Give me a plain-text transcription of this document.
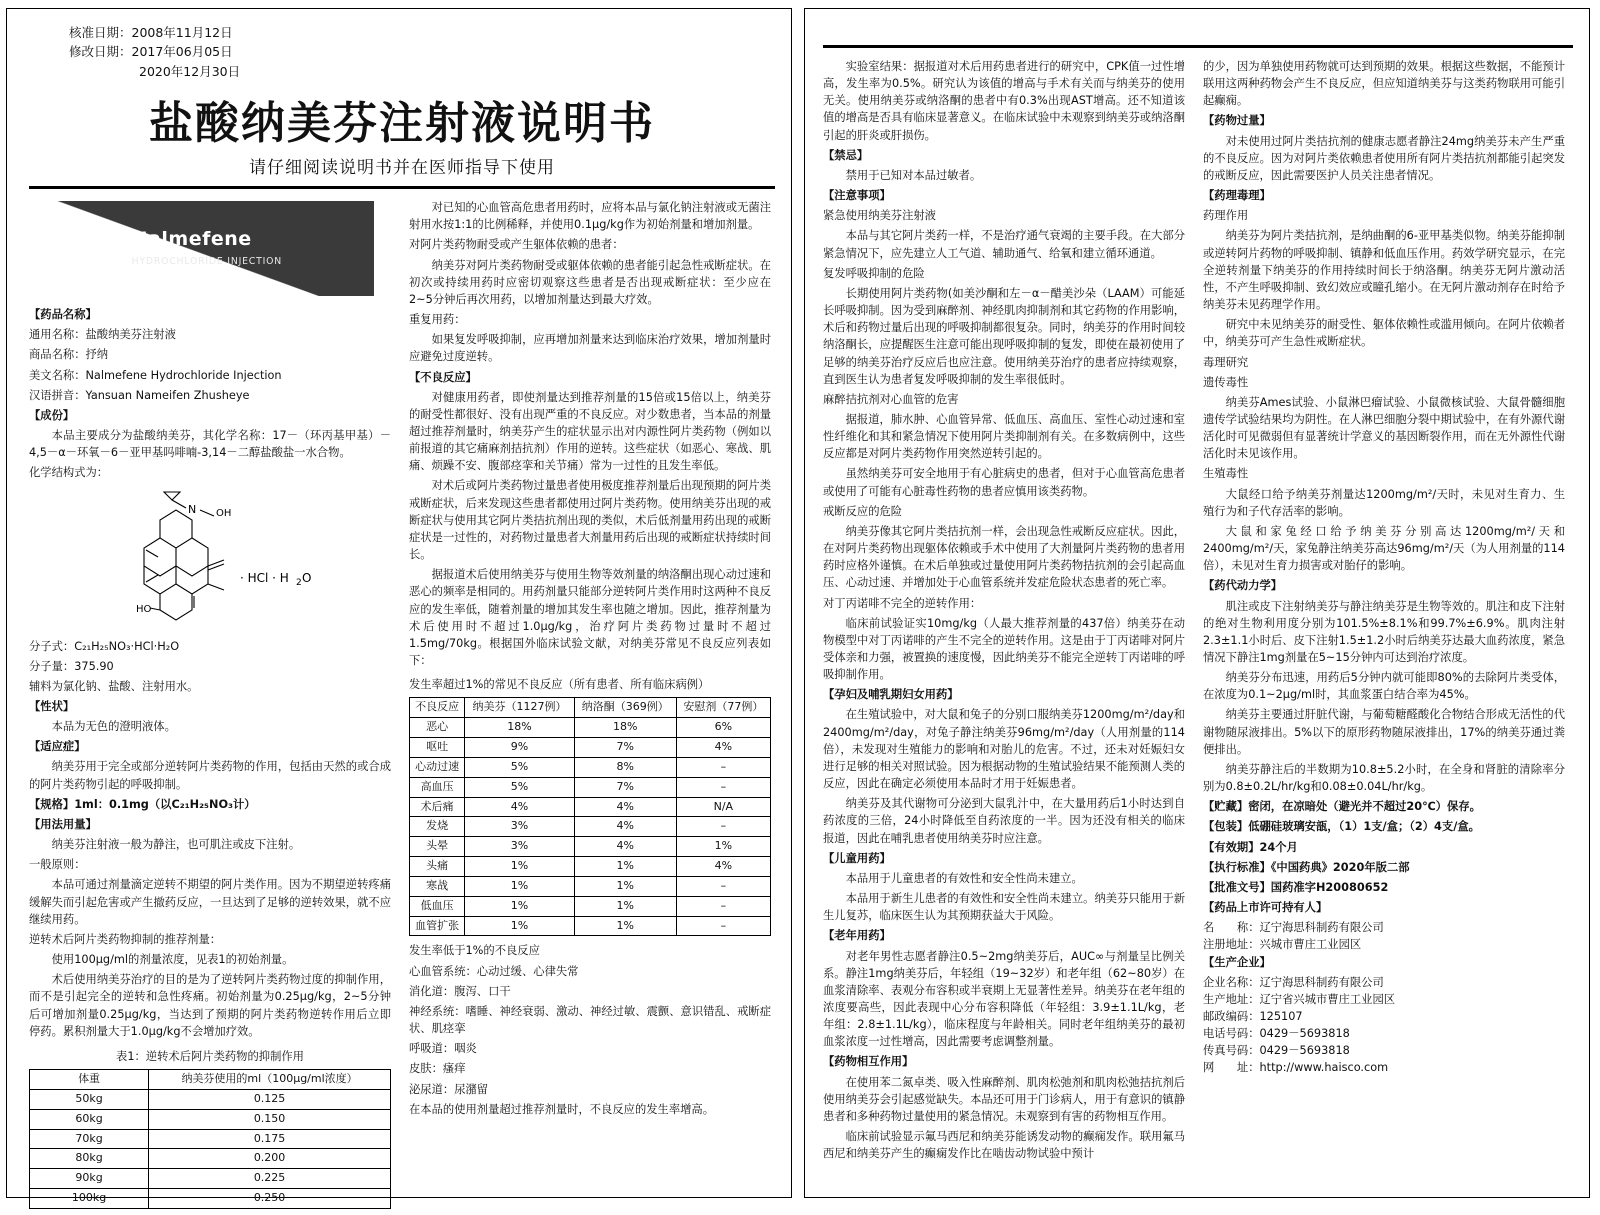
核准日期：2008年11月12日
修改日期：2017年06月05日
2020年12月30日
盐酸纳美芬注射液说明书
请仔细阅读说明书并在医师指导下使用
Nalmefene
HYDROCHLORIDE INJECTION

【药品名称】

通用名称：盐酸纳美芬注射液

商品名称：抒纳

美文名称：Nalmefene Hydrochloride Injection

汉语拼音：Yansuan Nameifen Zhusheye

【成份】

本品主要成分为盐酸纳美芬，其化学名称：17－（环丙基甲基）－4,5－α－环氧－6－亚甲基吗啡喃-3,14－二醇盐酸盐一水合物。

化学结构式为：

N OH
HO
· HCl · H 2 O

分子式：C₂₁H₂₅NO₃·HCl·H₂O

分子量：375.90

辅料为氯化钠、盐酸、注射用水。

【性状】

本品为无色的澄明液体。

【适应症】

纳美芬用于完全或部分逆转阿片类药物的作用，包括由天然的或合成的阿片类药物引起的呼吸抑制。

【规格】1ml：0.1mg（以C₂₁H₂₅NO₃计）

【用法用量】

纳美芬注射液一般为静注，也可肌注或皮下注射。

一般原则：

本品可通过剂量滴定逆转不期望的阿片类作用。因为不期望逆转疼痛缓解失而引起危害或产生撤药反应，一旦达到了足够的逆转效果，就不应继续用药。

逆转术后阿片类药物抑制的推荐剂量：

使用100μg/ml的剂量浓度，见表1的初始剂量。

术后使用纳美芬治疗的目的是为了逆转阿片类药物过度的抑制作用，而不是引起完全的逆转和急性疼痛。初始剂量为0.25μg/kg，2~5分钟后可增加剂量0.25μg/kg，当达到了预期的阿片类药物逆转作用后立即停药。累积剂量大于1.0μg/kg不会增加疗效。

表1：逆转术后阿片类药物的抑制作用
体重	纳美芬使用的ml（100μg/ml浓度）
50kg	0.125
60kg	0.150
70kg	0.175
80kg	0.200
90kg	0.225
100kg	0.250

对已知的心血管高危患者用药时，应将本品与氯化钠注射液或无菌注射用水按1:1的比例稀释，并使用0.1μg/kg作为初始剂量和增加剂量。

对阿片类药物耐受或产生躯体依赖的患者：

纳美芬对阿片类药物耐受或躯体依赖的患者能引起急性戒断症状。在初次或持续用药时应密切观察这些患者是否出现戒断症状：至少应在2~5分钟后再次用药，以增加剂量达到最大疗效。

重复用药：

如果复发呼吸抑制，应再增加剂量来达到临床治疗效果，增加剂量时应避免过度逆转。

【不良反应】

对健康用药者，即使剂量达到推荐剂量的15倍或15倍以上，纳美芬的耐受性都很好、没有出现严重的不良反应。对少数患者，当本品的剂量超过推荐剂量时，纳美芬产生的症状显示出对内源性阿片类药物（例如以前报道的其它痛麻剂拮抗剂）作用的逆转。这些症状（如恶心、寒战、肌痛、烦躁不安、腹部痉挛和关节痛）常为一过性的且发生率低。

对术后或阿片类药物过量患者使用极度推荐剂量后出现预期的阿片类戒断症状，后来发现这些患者都使用过阿片类药物。使用纳美芬出现的戒断症状与使用其它阿片类拮抗剂出现的类似，术后低剂量用药出现的戒断症状是一过性的，对药物过量患者大剂量用药后出现的戒断症状持续时间长。

据报道术后使用纳美芬与使用生物等效剂量的纳洛酮出现心动过速和恶心的频率是相同的。用药剂量只能部分逆转阿片类作用时这两种不良反应的发生率低，随着剂量的增加其发生率也随之增加。因此，推荐剂量为术后使用时不超过1.0μg/kg，治疗阿片类药物过量时不超过1.5mg/70kg。根据国外临床试验文献，对纳美芬常见不良反应列表如下：

发生率超过1%的常见不良反应（所有患者、所有临床病例）
不良反应	纳美芬（1127例）	纳洛酮（369例）	安慰剂（77例）
恶心	18%	18%	6%
呕吐	9%	7%	4%
心动过速	5%	8%	–
高血压	5%	7%	–
术后痛	4%	4%	N/A
发烧	3%	4%	–
头晕	3%	4%	1%
头痛	1%	1%	4%
寒战	1%	1%	–
低血压	1%	1%	–
血管扩张	1%	1%	–

发生率低于1%的不良反应

心血管系统：心动过缓、心律失常

消化道：腹泻、口干

神经系统：嗜睡、神经衰弱、激动、神经过敏、震颤、意识错乱、戒断症状、肌痉挛

呼吸道：咽炎

皮肤：瘙痒

泌尿道：尿潴留

在本品的使用剂量超过推荐剂量时，不良反应的发生率增高。

实验室结果：据报道对术后用药患者进行的研究中，CPK值一过性增高，发生率为0.5%。研究认为该值的增高与手术有关而与纳美芬的使用无关。使用纳美芬或纳洛酮的患者中有0.3%出现AST增高。还不知道该值的增高是否具有临床显著意义。在临床试验中未观察到纳美芬或纳洛酮引起的肝炎或肝损伤。

【禁忌】

禁用于已知对本品过敏者。

【注意事项】

紧急使用纳美芬注射液

本品与其它阿片类药一样，不是治疗通气衰竭的主要手段。在大部分紧急情况下，应先建立人工气道、辅助通气、给氧和建立循环通道。

复发呼吸抑制的危险

长期使用阿片类药物(如美沙酮和左－α－醋美沙朵（LAAM）可能延长呼吸抑制。因为受到麻醉剂、神经肌肉抑制剂和其它药物的作用影响，术后和药物过量后出现的呼吸抑制都很复杂。同时，纳美芬的作用时间较纳洛酮长，应提醒医生注意可能出现呼吸抑制的复发，即使在最初使用了足够的纳美芬治疗反应后也应注意。使用纳美芬治疗的患者应持续观察，直到医生认为患者复发呼吸抑制的发生率很低时。

麻醉拮抗剂对心血管的危害

据报道，肺水肿、心血管异常、低血压、高血压、室性心动过速和室性纤维化和其和紧急情况下使用阿片类抑制剂有关。在多数病例中，这些反应都是对阿片类药物作用突然逆转引起的。

虽然纳美芬可安全地用于有心脏病史的患者，但对于心血管高危患者或使用了可能有心脏毒性药物的患者应慎用该类药物。

戒断反应的危险

纳美芬像其它阿片类拮抗剂一样，会出现急性戒断反应症状。因此，在对阿片类药物出现躯体依赖或手术中使用了大剂量阿片类药物的患者用药时应格外谨慎。在术后单独或过量使用阿片类药物拮抗剂的会引起高血压、心动过速、并增加处于心血管系统并发症危险状态患者的死亡率。

对丁丙诺啡不完全的逆转作用：

临床前试验证实10mg/kg（人最大推荐剂量的437倍）纳美芬在动物模型中对丁丙诺啡的产生不完全的逆转作用。这是由于丁丙诺啡对阿片受体亲和力强，被置换的速度慢，因此纳美芬不能完全逆转丁丙诺啡的呼吸抑制作用。

【孕妇及哺乳期妇女用药】

在生殖试验中，对大鼠和兔子的分别口服纳美芬1200mg/m²/day和2400mg/m²/day，对兔子静注纳美芬96mg/m²/day（人用剂量的114倍），未发现对生殖能力的影响和对胎儿的危害。不过，还未对妊娠妇女进行足够的相关对照试验。因为根据动物的生殖试验结果不能预测人类的反应，因此在确定必须使用本品时才用于妊娠患者。

纳美芬及其代谢物可分泌到大鼠乳汁中，在大量用药后1小时达到自药浓度的三倍，24小时降低至自药浓度的一半。因为还没有相关的临床报道，因此在哺乳患者使用纳美芬时应注意。

【儿童用药】

本品用于儿童患者的有效性和安全性尚未建立。

本品用于新生儿患者的有效性和安全性尚未建立。纳美芬只能用于新生儿复苏，临床医生认为其预期获益大于风险。

【老年用药】

对老年男性志愿者静注0.5~2mg纳美芬后，AUC∞与剂量呈比例关系。静注1mg纳美芬后，年轻组（19~32岁）和老年组（62~80岁）在血浆清除率、表观分布容积或半衰期上无显著性差异。纳美芬在老年组的浓度要高些，因此表现中心分布容积降低（年轻组：3.9±1.1L/kg，老年组：2.8±1.1L/kg），临床程度与年龄相关。同时老年组纳美芬的最初血浆浓度一过性增高，因此需要考虑调整剂量。

【药物相互作用】

在使用苯二氮卓类、吸入性麻醉剂、肌肉松弛剂和肌肉松弛拮抗剂后使用纳美芬会引起感觉缺失。本品还可用于门诊病人，用于有意识的镇静患者和多种药物过量使用的紧急情况。未观察到有害的药物相互作用。

临床前试验显示氟马西尼和纳美芬能诱发动物的癫痫发作。联用氟马西尼和纳美芬产生的癫痫发作比在啮齿动物试验中预计

的少，因为单独使用药物就可达到预期的效果。根据这些数据，不能预计联用这两种药物会产生不良反应，但应知道纳美芬与这类药物联用可能引起癫痫。

【药物过量】

对未使用过阿片类拮抗剂的健康志愿者静注24mg纳美芬未产生严重的不良反应。因为对阿片类依赖患者使用所有阿片类拮抗剂都能引起突发的戒断反应，因此需要医护人员关注患者情况。

【药理毒理】

药理作用

纳美芬为阿片类拮抗剂，是纳曲酮的6-亚甲基类似物。纳美芬能抑制或逆转阿片药物的呼吸抑制、镇静和低血压作用。药效学研究显示，在完全逆转剂量下纳美芬的作用持续时间长于纳洛酮。纳美芬无阿片激动活性，不产生呼吸抑制、致幻效应或瞳孔缩小。在无阿片激动剂存在时给予纳美芬未见药理学作用。

研究中未见纳美芬的耐受性、躯体依赖性或滥用倾向。在阿片依赖者中，纳美芬可产生急性戒断症状。

毒理研究

遗传毒性

纳美芬Ames试验、小鼠淋巴瘤试验、小鼠微核试验、大鼠骨髓细胞遗传学试验结果均为阴性。在人淋巴细胞分裂中期试验中，在有外源代谢活化时可见微弱但有显著统计学意义的基因断裂作用，而在无外源性代谢活化时未见该作用。

生殖毒性

大鼠经口给予纳美芬剂量达1200mg/m²/天时，未见对生育力、生殖行为和子代存活率的影响。

大鼠和家兔经口给予纳美芬分别高达1200mg/m²/天和2400mg/m²/天，家兔静注纳美芬高达96mg/m²/天（为人用剂量的114倍），未见对生育力损害或对胎仔的影响。

【药代动力学】

肌注或皮下注射纳美芬与静注纳美芬是生物等效的。肌注和皮下注射的绝对生物利用度分别为101.5%±8.1%和99.7%±6.9%。肌肉注射2.3±1.1小时后、皮下注射1.5±1.2小时后纳美芬达最大血药浓度，紧急情况下静注1mg剂量在5~15分钟内可达到治疗浓度。

纳美芬分布迅速，用药后5分钟内就可能即80%的去除阿片类受体，在浓度为0.1~2μg/ml时，其血浆蛋白结合率为45%。

纳美芬主要通过肝脏代谢，与葡萄糖醛酸化合物结合形成无活性的代谢物随尿液排出。5%以下的原形药物随尿液排出，17%的纳美芬通过粪便排出。

纳美芬静注后的半数期为10.8±5.2小时，在全身和肾脏的清除率分别为0.8±0.2L/hr/kg和0.08±0.04L/hr/kg。

【贮藏】密闭，在凉暗处（避光并不超过20℃）保存。

【包装】低硼硅玻璃安瓿，（1）1支/盒；（2）4支/盒。

【有效期】24个月

【执行标准】《中国药典》2020年版二部

【批准文号】国药准字H20080652

【药品上市许可持有人】

名　　称： 辽宁海思科制药有限公司
注册地址： 兴城市曹庄工业园区

【生产企业】

企业名称： 辽宁海思科制药有限公司
生产地址： 辽宁省兴城市曹庄工业园区
邮政编码： 125107
电话号码： 0429－5693818
传真号码： 0429－5693818
网　　址： http://www.haisco.com
